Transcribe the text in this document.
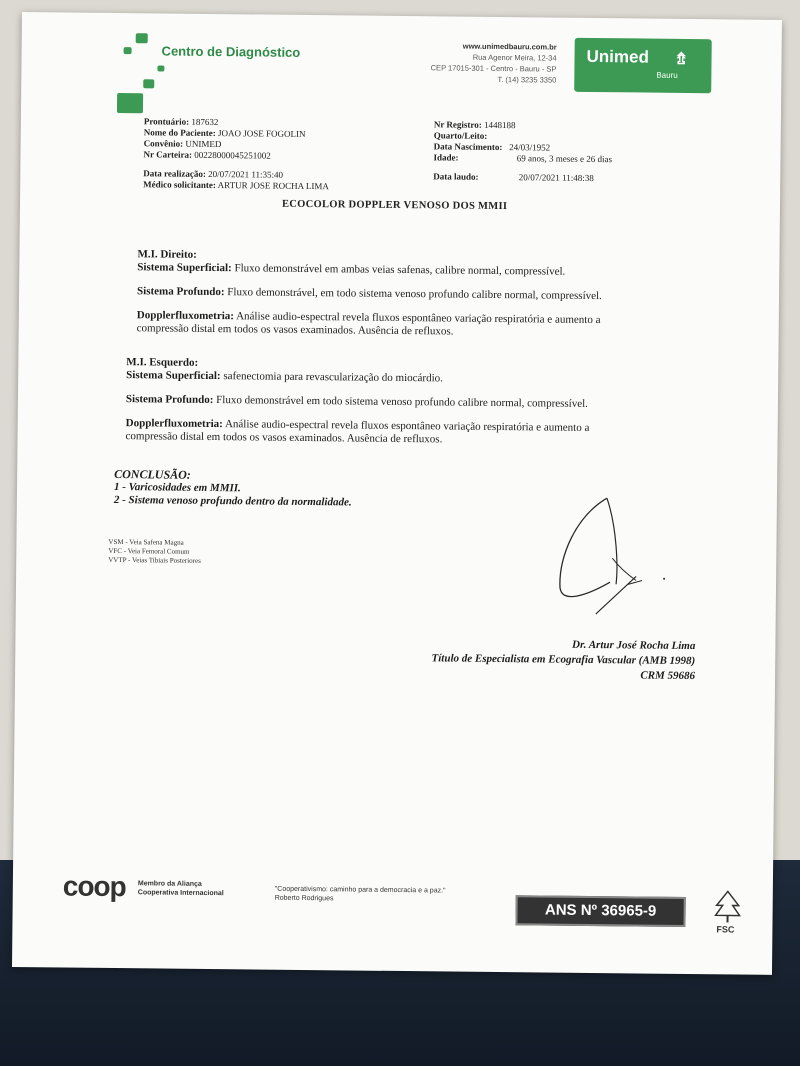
Centro de Diagnóstico	www.unimedbauru.com.br
Rua Agenor Meira, 12-34
CEP 17015-301 - Centro - Bauru - SP
T. (14) 3235 3350
Unimed ⇯
Bauru
Prontuário: 187632
Nome do Paciente: JOAO JOSE FOGOLIN
Convênio: UNIMED
Nr Carteira: 00228000045251002
Data realização: 20/07/2021 11:35:40
Médico solicitante: ARTUR JOSE ROCHA LIMA
Nr Registro: 1448188
Quarto/Leito:
Data Nascimento: 24/03/1952
Idade:	69 anos, 3 meses e 26 dias
Data laudo:	20/07/2021 11:48:38
ECOCOLOR DOPPLER VENOSO DOS MMII
M.I. Direito:
Sistema Superficial: Fluxo demonstrável em ambas veias safenas, calibre normal, compressível.
Sistema Profundo: Fluxo demonstrável, em todo sistema venoso profundo calibre normal, compressível.
Dopplerfluxometria: Análise audio-espectral revela fluxos espontâneo variação respiratória e aumento a
compressão distal em todos os vasos examinados. Ausência de refluxos.
M.I. Esquerdo:
Sistema Superficial: safenectomia para revascularização do miocárdio.
Sistema Profundo: Fluxo demonstrável em todo sistema venoso profundo calibre normal, compressível.
Dopplerfluxometria: Análise audio-espectral revela fluxos espontâneo variação respiratória e aumento a
compressão distal em todos os vasos examinados. Ausência de refluxos.
CONCLUSÃO:
1 - Varicosidades em MMII.
2 - Sistema venoso profundo dentro da normalidade.
VSM - Veia Safena Magna
VFC - Veia Femoral Comum
VVTP - Veias Tibiais Posteriores
Dr. Artur José Rocha Lima
Título de Especialista em Ecografia Vascular (AMB 1998)
CRM 59686
coop Membro da Aliança
Cooperativa Internacional	"Cooperativismo: caminho para a democracia e a paz."
Roberto Rodrigues
ANS Nº 36965-9
FSC
